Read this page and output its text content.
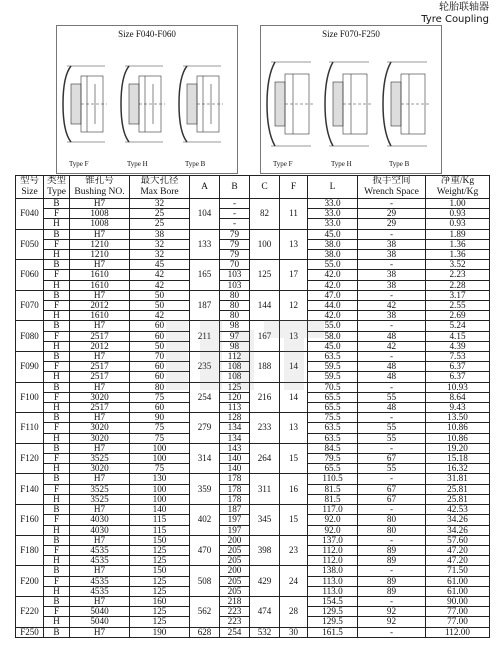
轮胎联轴器
Tyre Coupling
Size F040-F060
Type F	Type H	Type B
Size F070-F250
Type F	Type H	Type B
型号
Size	类型
Type	锥孔号
Bushing NO.	最大孔径
Max Bore	A	B	C	F	L	扳手空间
Wrench Space	净重/Kg
Weight/Kg
F040	B	H7	32	104	-	82	11	33.0	-	1.00
	F	1008	25		-			33.0	29	0.93
	H	1008	25		-			33.0	29	0.93
F050	B	H7	38	133	79	100	13	45.0	-	1.89
	F	1210	32		79			38.0	38	1.36
	H	1210	32		79			38.0	38	1.36
F060	B	H7	45	165	70	125	17	55.0	-	3.52
	F	1610	42		103			42.0	38	2.23
	H	1610	42		103			42.0	38	2.28
F070	B	H7	50	187	80	144	12	47.0	-	3.17
	F	2012	50		80			44.0	42	2.55
	H	1610	42		80			42.0	38	2.69
F080	B	H7	60	211	98	167	13	55.0	-	5.24
	F	2517	60		97			58.0	48	4.15
	H	2012	50		98			45.0	42	4.39
F090	B	H7	70	235	112	188	14	63.5	-	7.53
	F	2517	60		108			59.5	48	6.37
	H	2517	60		108			59.5	48	6.37
F100	B	H7	80	254	125	216	14	70.5	-	10.93
	F	3020	75		120			65.5	55	8.64
	H	2517	60		113			65.5	48	9.43
F110	B	H7	90	279	128	233	13	75.5	-	13.50
	F	3020	75		134			63.5	55	10.86
	H	3020	75		134			63.5	55	10.86
F120	B	H7	100	314	143	264	15	84.5	-	19.20
	F	3525	100		140			79.5	67	15.18
	H	3020	75		140			65.5	55	16.32
F140	B	H7	130	359	178	311	16	110.5	-	31.81
	F	3525	100		178			81.5	67	25.81
	H	3525	100		178			81.5	67	25.81
F160	B	H7	140	402	187	345	15	117.0	-	42.53
	F	4030	115		197			92.0	80	34.26
	H	4030	115		197			92.0	80	34.26
F180	B	H7	150	470	200	398	23	137.0	-	57.60
	F	4535	125		205			112.0	89	47.20
	H	4535	125		205			112.0	89	47.20
F200	B	H7	150	508	200	429	24	138.0	-	71.50
	F	4535	125		205			113.0	89	61.00
	H	4535	125		205			113.0	89	61.00
F220	B	H7	160	562	218	474	28	154.5	-	90.00
	F	5040	125		223			129.5	92	77.00
	H	5040	125		223			129.5	92	77.00
F250	B	H7	190	628	254	532	30	161.5	-	112.00
